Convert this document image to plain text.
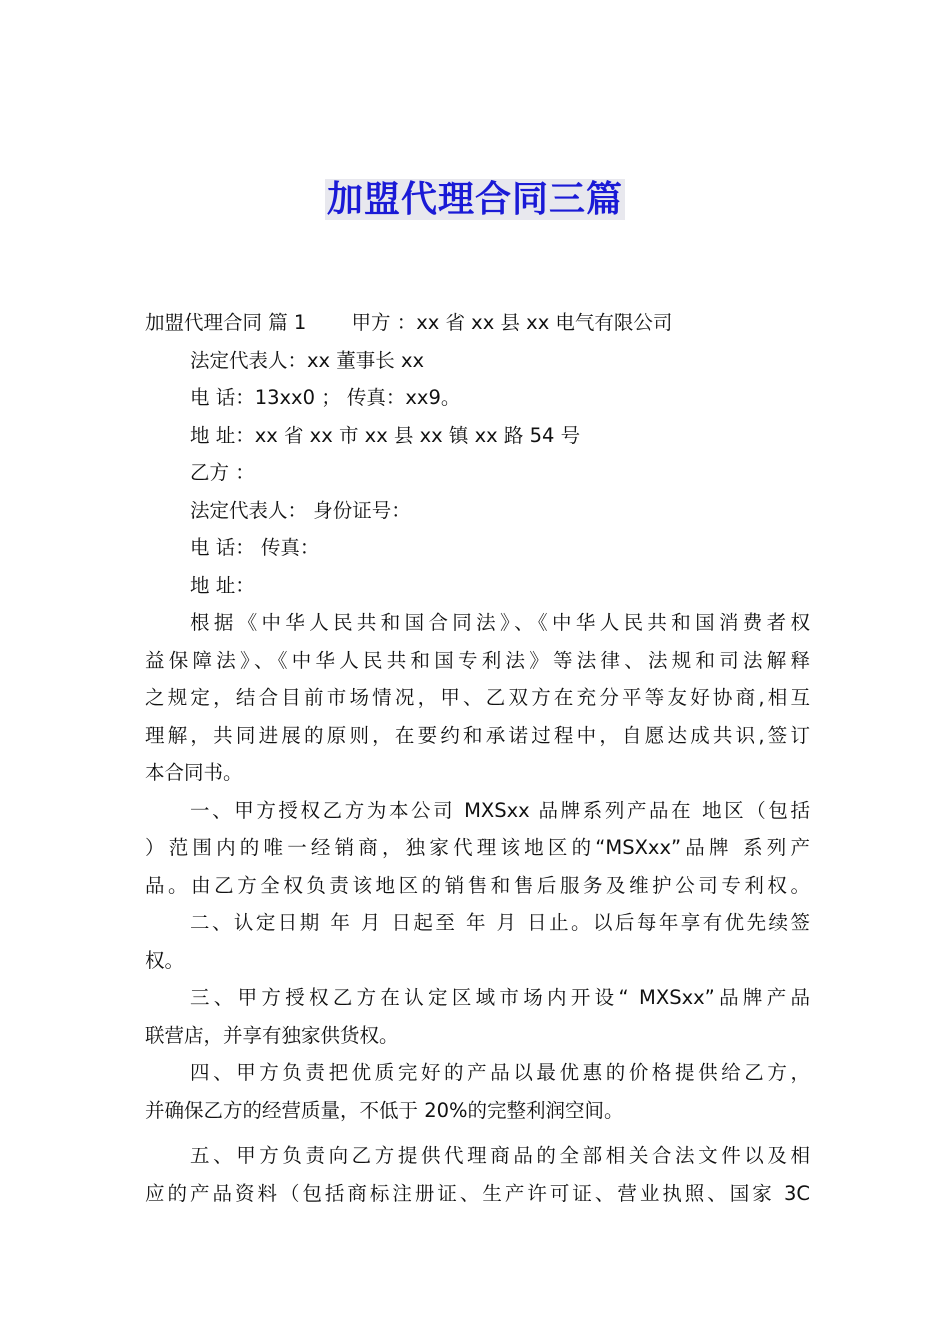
加盟代理合同三篇
加盟代理合同 篇 1　　 甲方 ：xx 省 xx 县 xx 电气有限公司
法定代表人：xx 董事长 xx
电 话：13xx0 ； 传真：xx9。
地 址：xx 省 xx 市 xx 县 xx 镇 xx 路 54 号
乙方 ：
法定代表人： 身份证号：
电 话： 传真：
地 址：
根据《中华人民共和国合同法》、《中华人民共和国消费者权
益保障法》、《中华人民共和国专利法》等法律、法规和司法解释
之规定，结合目前市场情况，甲、乙双方在充分平等友好协商,相互
理解，共同进展的原则，在要约和承诺过程中，自愿达成共识,签订
本合同书。
一、甲方授权乙方为本公司 MXSxx 品牌系列产品在 地区（包括
）范围内的唯一经销商，独家代理该地区的“MSXxx”品牌 系列产
品。由乙方全权负责该地区的销售和售后服务及维护公司专利权。
二、认定日期 年 月 日起至 年 月 日止。以后每年享有优先续签
权。
三、甲方授权乙方在认定区域市场内开设“ MXSxx”品牌产品
联营店，并享有独家供货权。
四、甲方负责把优质完好的产品以最优惠的价格提供给乙方，
并确保乙方的经营质量，不低于 20%的完整利润空间。
五、甲方负责向乙方提供代理商品的全部相关合法文件以及相
应的产品资料（包括商标注册证、生产许可证、营业执照、国家 3C
